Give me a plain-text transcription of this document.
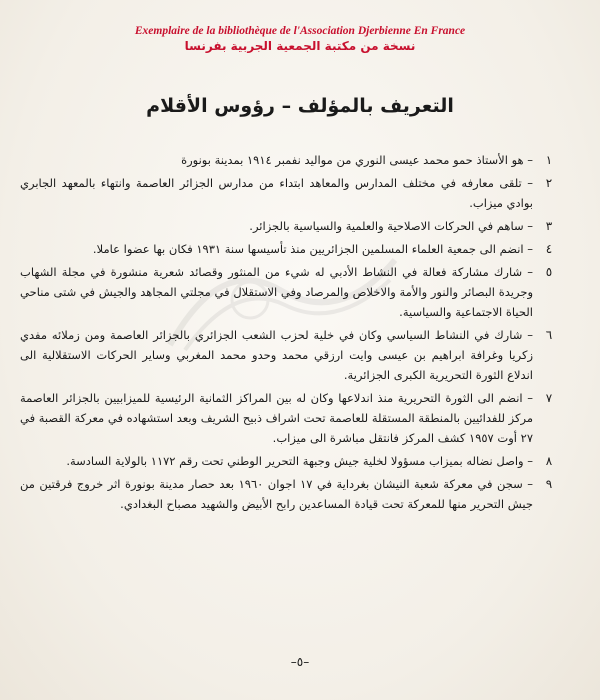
Exemplaire de la bibliothèque de l'Association Djerbienne En France
نسخة من مكتبة الجمعية الجربية بفرنسا
التعريف بالمؤلف – رؤوس الأقلام
١
– هو الأستاذ حمو محمد عيسى النوري من مواليد نفمبر ١٩١٤ بمدينة بونورة
٢
– تلقى معارفه في مختلف المدارس والمعاهد ابتداء من مدارس الجزائر العاصمة وانتهاء بالمعهد الجابري بوادي ميزاب.
٣
– ساهم في الحركات الاصلاحية والعلمية والسياسية بالجزائر.
٤
– انضم الى جمعية العلماء المسلمين الجزائريين منذ تأسيسها سنة ١٩٣١ فكان بها عضوا عاملا.
٥
– شارك مشاركة فعالة في النشاط الأدبي له شيء من المنثور وقصائد شعرية منشورة في مجلة الشهاب وجريدة البصائر والنور والأمة والاخلاص والمرصاد وفي الاستقلال في مجلتي المجاهد والجيش في شتى مناحي الحياة الاجتماعية والسياسية.
٦
– شارك في النشاط السياسي وكان في خلية لحزب الشعب الجزائري بالجزائر العاصمة ومن زملائه مفدي زكريا وغرافة ابراهيم بن عيسى وايت ارزقي محمد وحدو محمد المغربي وساير الحركات الاستقلالية الى اندلاع الثورة التحريرية الكبرى الجزائرية.
٧
– انضم الى الثورة التحريرية منذ اندلاعها وكان له بين المراكز الثمانية الرئيسية للميزابيين بالجزائر العاصمة مركز للفدائيين بالمنطقة المستقلة للعاصمة تحت اشراف ذبيح الشريف وبعد استشهاده في معركة القصبة في ٢٧ أوت ١٩٥٧ كشف المركز فانتقل مباشرة الى ميزاب.
٨
– واصل نضاله بميزاب مسؤولا لخلية جيش وجبهة التحرير الوطني تحت رقم ١١٧٢ بالولاية السادسة.
٩
– سجن في معركة شعبة النيشان بغرداية في ١٧ اجوان ١٩٦٠ بعد حصار مدينة بونورة اثر خروج فرقتين من جيش التحرير منها للمعركة تحت قيادة المساعدين رابح الأبيض والشهيد مصباح البغدادي.
–٥–
